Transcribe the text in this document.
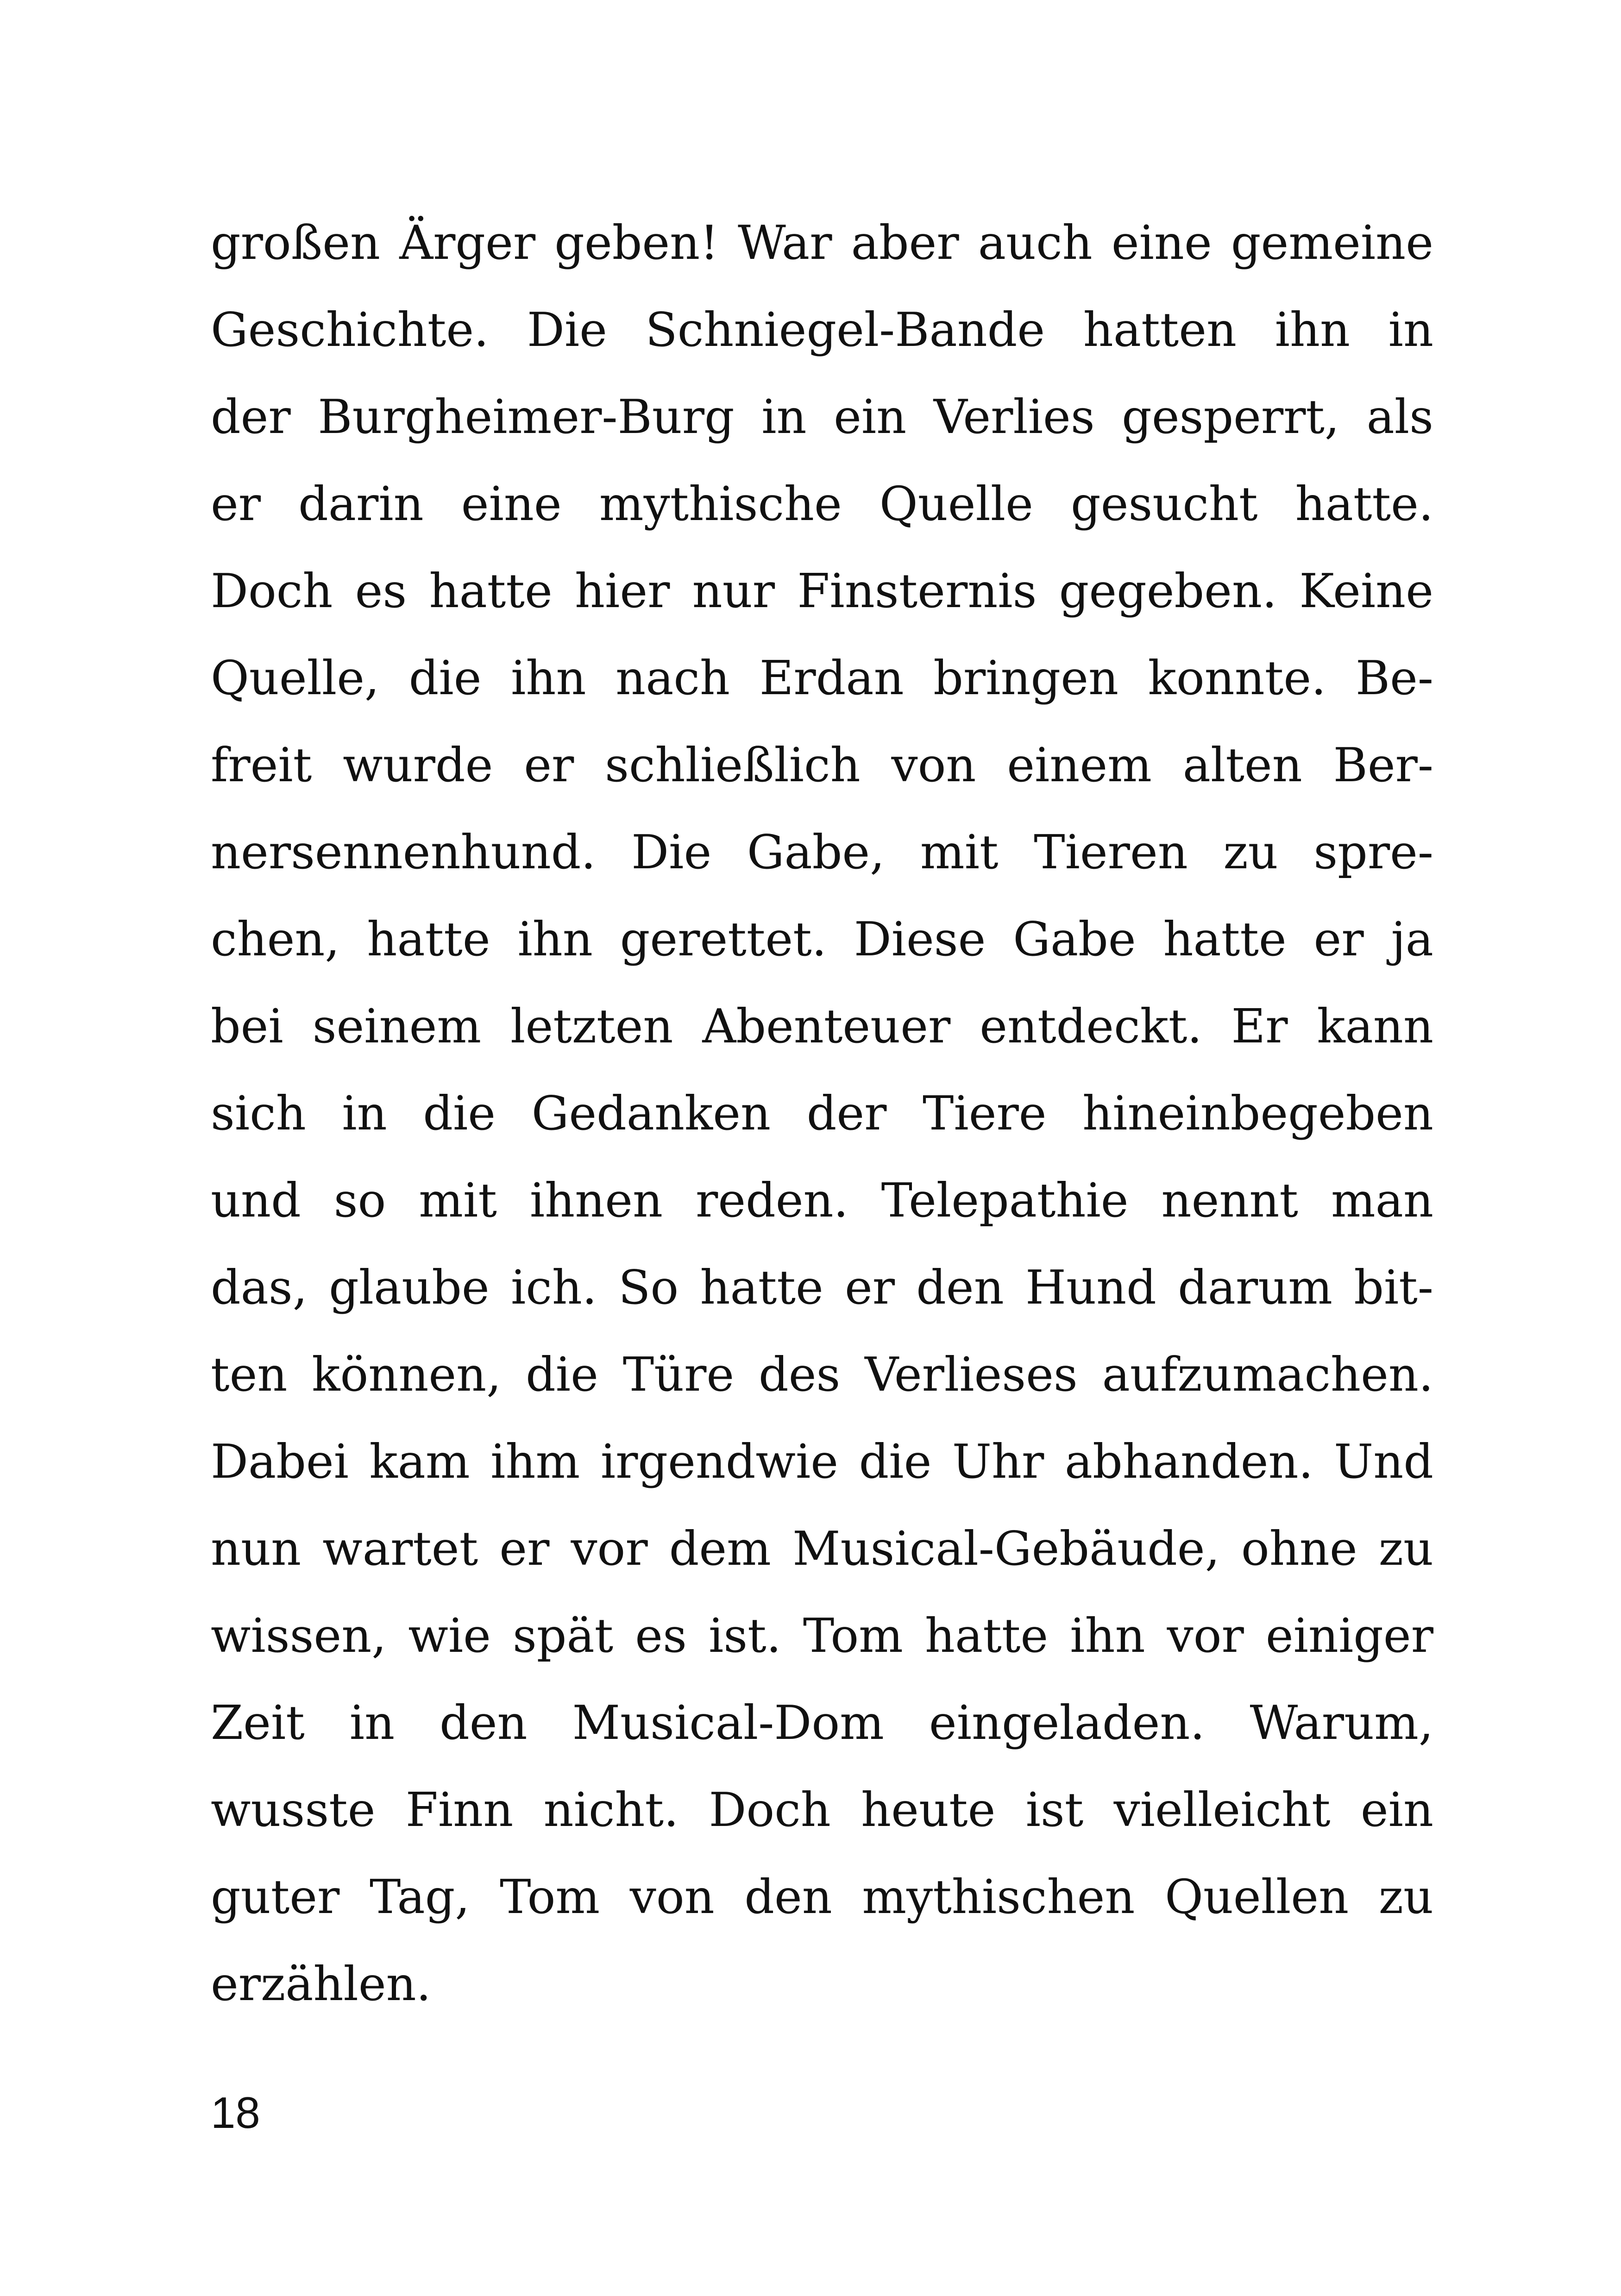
großen Ärger geben! War aber auch eine gemeine
Geschichte. Die Schniegel-Bande hatten ihn in
der Burgheimer-Burg in ein Verlies gesperrt, als
er darin eine mythische Quelle gesucht hatte.
Doch es hatte hier nur Finsternis gegeben. Keine
Quelle, die ihn nach Erdan bringen konnte. Be-
freit wurde er schließlich von einem alten Ber-
nersennenhund. Die Gabe, mit Tieren zu spre-
chen, hatte ihn gerettet. Diese Gabe hatte er ja
bei seinem letzten Abenteuer entdeckt. Er kann
sich in die Gedanken der Tiere hineinbegeben
und so mit ihnen reden. Telepathie nennt man
das, glaube ich. So hatte er den Hund darum bit-
ten können, die Türe des Verlieses aufzumachen.
Dabei kam ihm irgendwie die Uhr abhanden. Und
nun wartet er vor dem Musical-Gebäude, ohne zu
wissen, wie spät es ist. Tom hatte ihn vor einiger
Zeit in den Musical-Dom eingeladen. Warum,
wusste Finn nicht. Doch heute ist vielleicht ein
guter Tag, Tom von den mythischen Quellen zu
erzählen.
18
